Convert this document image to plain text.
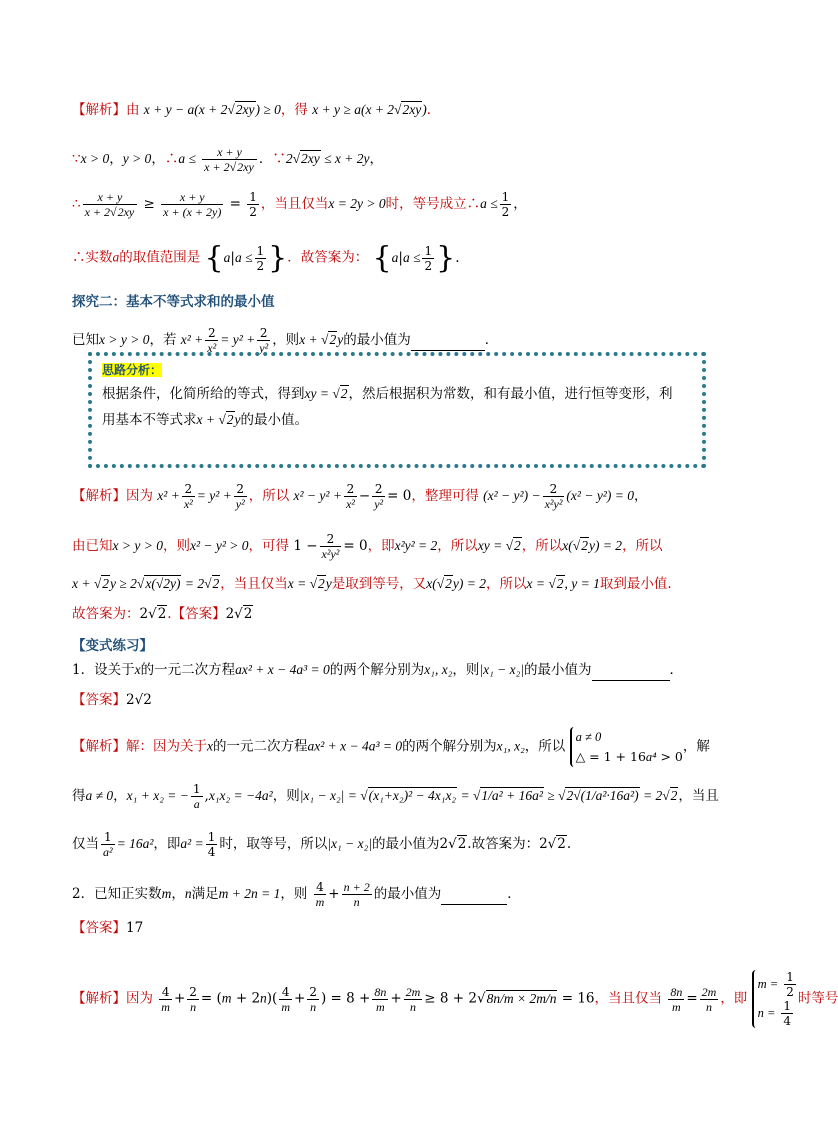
【解析】由 x + y − a(x + 2√2xy) ≥ 0，得 x + y ≥ a(x + 2√2xy)．
∵x > 0，y > 0，∴a ≤ $\frac{x + y}{x + 2√2xy}$ ．∵2√2xy ≤ x + 2y，
∴ $\frac{x + y}{x + 2√2xy} \ge \frac{x + y}{x + (x + 2y)} = \frac{1}{2}$ ，当且仅当x = 2y > 0时，等号成立∴a ≤ $\frac{1}{2}$ ，
∴实数a的取值范围是 {$a|a \le \frac{1}{2}$ }．故答案为： {$a|a \le \frac{1}{2}$ }.
探究二：基本不等式求和的最小值
已知x > y > 0，若 $x^2 + \frac{2}{\text{x²}} = y^2 + \frac{2}{\text{y²}}$ ，则x + √2y的最小值为	．
思路分析：
根据条件，化简所给的等式，得到xy = √2，然后根据积为常数，和有最小值，进行恒等变形，利
用基本不等式求x + √2y的最小值。
【解析】因为 $x^2 + \frac{2}{\text{x²}} = y^2 + \frac{2}{\text{y²}}$ ，所以 $x^2 - y^2 + \frac{2}{\text{x²}} - \frac{2}{\text{y²}} = 0$，整理可得 $(x^2 - y^2) - \frac{2}{\text{x²y²}} (x^2 - y^2) = 0$，
由已知x > y > 0，则x² − y² > 0，可得 $1 - \frac{2}{\text{x²y²}} = 0$，即x²y² = 2，所以xy = √2，所以x(√2y) = 2，所以
x + √2y ≥ 2√x(√2y) = 2√2，当且仅当x = √2y是取到等号，又x(√2y) = 2，所以x = √2, y = 1取到最小值.
故答案为：2√2.【答案】2√2
【变式练习】
1．设关于x的一元二次方程ax² + x − 4a³ = 0的两个解分别为x₁, x₂，则|x₁ − x₂|的最小值为	．
【答案】2√2
【解析】解：因为关于x的一元二次方程ax² + x − 4a³ = 0的两个解分别为x₁, x₂，所以 a ≠ 0
△ = 1 + 16a⁴ > 0，解
得a ≠ 0，x₁ + x₂ = − $\frac{1}{a} ,x_1x_2 = -4a^2$，则|x₁ − x₂| = √(x₁+x₂)² − 4x₁x₂ = √1/a² + 16a² ≥ √2√(1/a²·16a²) = 2√2，当且
仅当 $\frac{1}{\text{a²}} = 16a^2$，即$a^2 = \frac{1}{4}$ 时，取等号，所以|x₁ − x₂|的最小值为2√2.故答案为：2√2.
2．已知正实数m，n满足m + 2n = 1，则 $\frac{4}{m} + \frac{n + 2}{n}$ 的最小值为	．
【答案】17
【解析】因为 $\frac{4}{m} + \frac{2}{n} = (m + 2n)( \frac{4}{m} + \frac{2}{n}$ ) = $8 + \frac{8n}{m} + \frac{2m}{n} \ge 8 + 2√8n/m \times 2m/n = 16$，当且仅当 $\frac{8n}{m} = \frac{2m}{n}$ ，即 $m = \frac{1}{2}$

$n = \frac{1}{4}$
时等号
